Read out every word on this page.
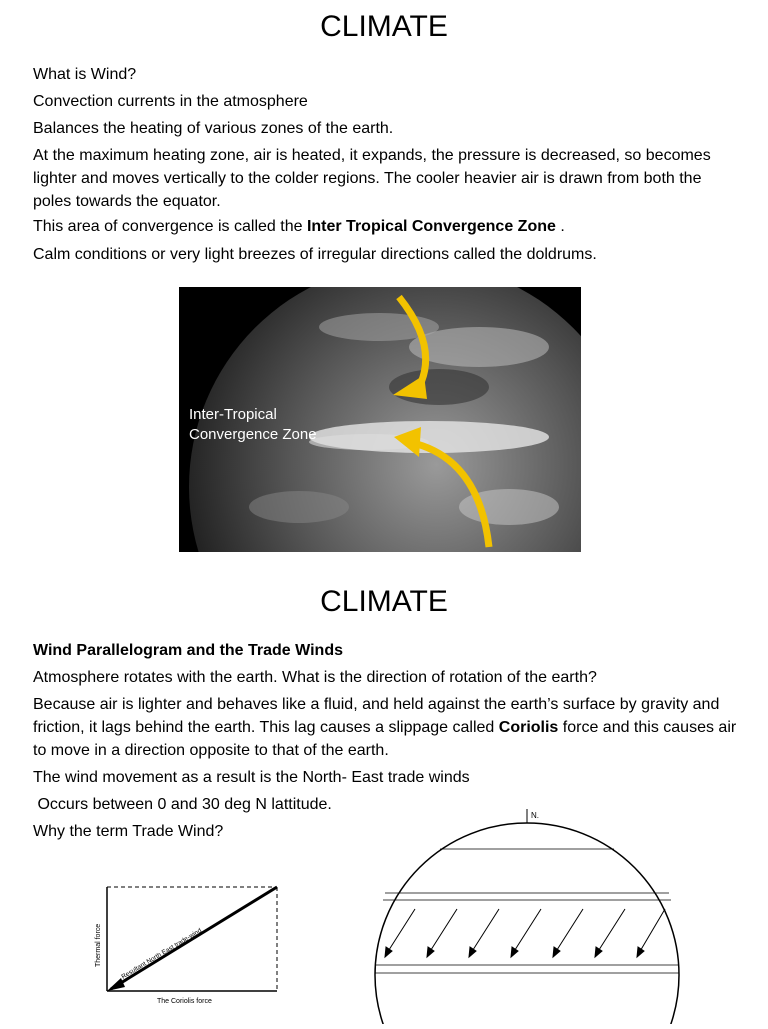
CLIMATE
What is Wind?
Convection currents in the atmosphere
Balances the heating of various zones of the earth.
At the maximum heating zone, air is heated, it expands, the pressure is decreased, so becomes lighter and moves vertically to the colder regions. The cooler heavier air is drawn from both the poles towards the equator.
This area of convergence is called the Inter Tropical Convergence Zone .
Calm conditions or very light breezes of irregular directions called the doldrums.
Inter-Tropical
Convergence Zone
CLIMATE
Wind Parallelogram and the Trade Winds
Atmosphere rotates with the earth. What is the direction of rotation of the earth?
Because air is lighter and behaves like a fluid, and held against the earth’s surface by gravity and friction, it lags behind the earth. This lag causes a slippage called Coriolis force and this causes air to move in a direction opposite to that of the earth.
The wind movement as a result is the North- East trade winds
Occurs between 0 and 30 deg N lattitude.
Why the term Trade Wind?
Thermal force
The Coriolis force
Resultant North East trade-wind
N.
